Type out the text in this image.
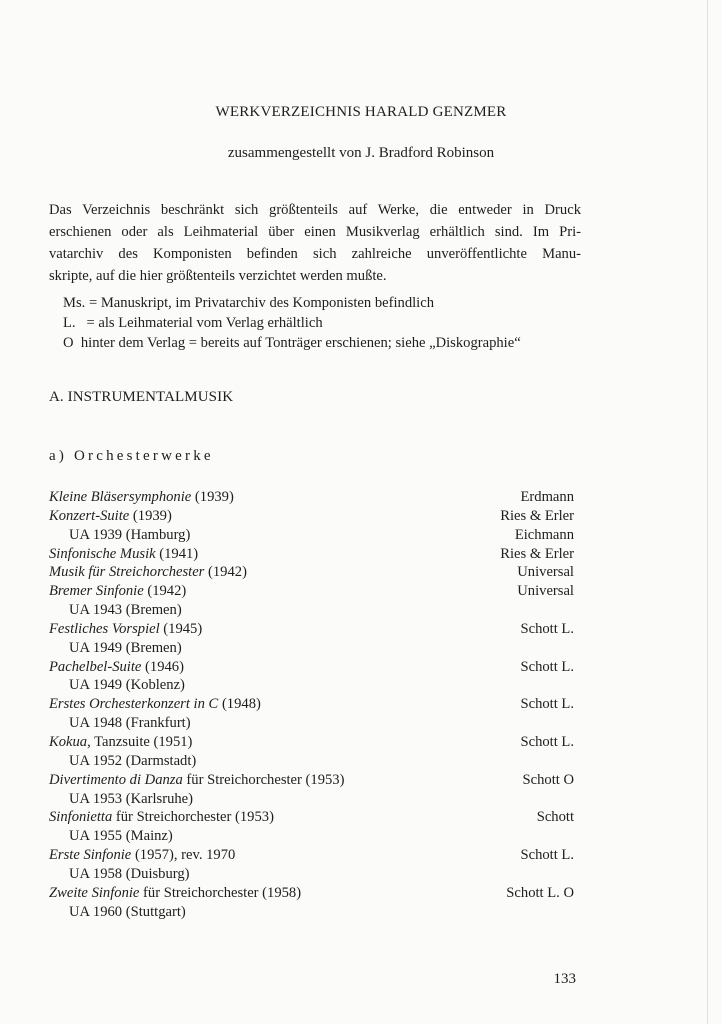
WERKVERZEICHNIS HARALD GENZMER
zusammengestellt von J. Bradford Robinson
Das Verzeichnis beschränkt sich größtenteils auf Werke, die entweder in Druck
erschienen oder als Leihmaterial über einen Musikverlag erhältlich sind. Im Pri-
vatarchiv des Komponisten befinden sich zahlreiche unveröffentlichte Manu-
skripte, auf die hier größtenteils verzichtet werden mußte.
Ms. = Manuskript, im Privatarchiv des Komponisten befindlich
L.   = als Leihmaterial vom Verlag erhältlich
O  hinter dem Verlag = bereits auf Tonträger erschienen; siehe „Diskographie“
A. INSTRUMENTALMUSIK
a) Orchesterwerke
Kleine Bläsersymphonie (1939)	Erdmann
Konzert-Suite (1939)	Ries & Erler
UA 1939 (Hamburg)	Eichmann
Sinfonische Musik (1941)	Ries & Erler
Musik für Streichorchester (1942)	Universal
Bremer Sinfonie (1942)	Universal
UA 1943 (Bremen)
Festliches Vorspiel (1945)	Schott L.
UA 1949 (Bremen)
Pachelbel-Suite (1946)	Schott L.
UA 1949 (Koblenz)
Erstes Orchesterkonzert in C (1948)	Schott L.
UA 1948 (Frankfurt)
Kokua, Tanzsuite (1951)	Schott L.
UA 1952 (Darmstadt)
Divertimento di Danza für Streichorchester (1953)	Schott O
UA 1953 (Karlsruhe)
Sinfonietta für Streichorchester (1953)	Schott
UA 1955 (Mainz)
Erste Sinfonie (1957), rev. 1970	Schott L.
UA 1958 (Duisburg)
Zweite Sinfonie für Streichorchester (1958)	Schott L. O
UA 1960 (Stuttgart)
133
